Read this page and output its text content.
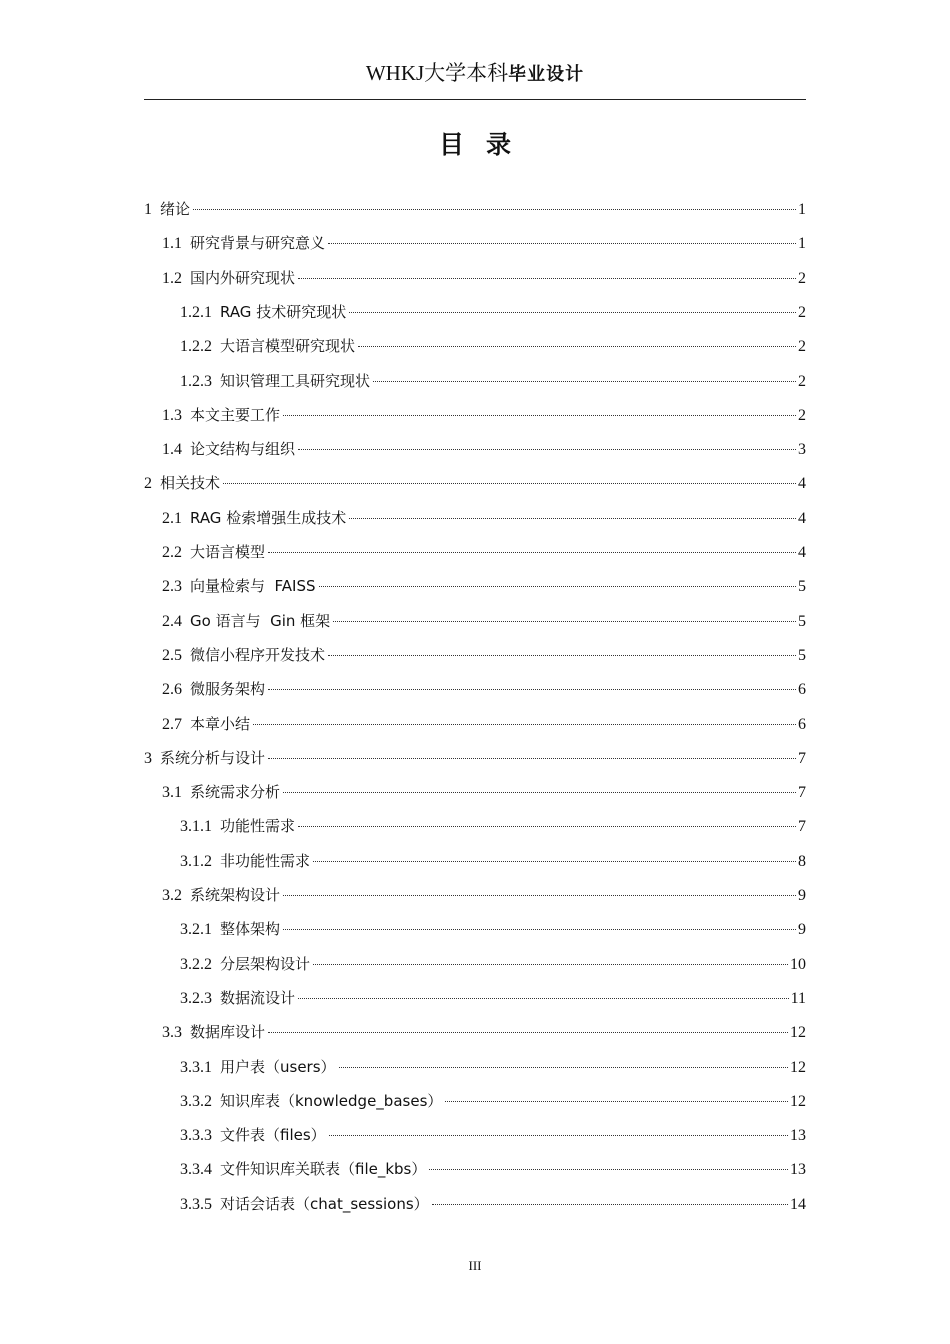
WHKJ大学本科毕业设计
目录
1 绪论	1
1.1 研究背景与研究意义	1
1.2 国内外研究现状	2
1.2.1 RAG 技术研究现状	2
1.2.2 大语言模型研究现状	2
1.2.3 知识管理工具研究现状	2
1.3 本文主要工作	2
1.4 论文结构与组织	3
2 相关技术	4
2.1 RAG 检索增强生成技术	4
2.2 大语言模型	4
2.3 向量检索与  FAISS	5
2.4 Go 语言与  Gin 框架	5
2.5 微信小程序开发技术	5
2.6 微服务架构	6
2.7 本章小结	6
3 系统分析与设计	7
3.1 系统需求分析	7
3.1.1 功能性需求	7
3.1.2 非功能性需求	8
3.2 系统架构设计	9
3.2.1 整体架构	9
3.2.2 分层架构设计	10
3.2.3 数据流设计	11
3.3 数据库设计	12
3.3.1 用户表（users）	12
3.3.2 知识库表（knowledge_bases）	12
3.3.3 文件表（files）	13
3.3.4 文件知识库关联表（file_kbs）	13
3.3.5 对话会话表（chat_sessions）	14
III
